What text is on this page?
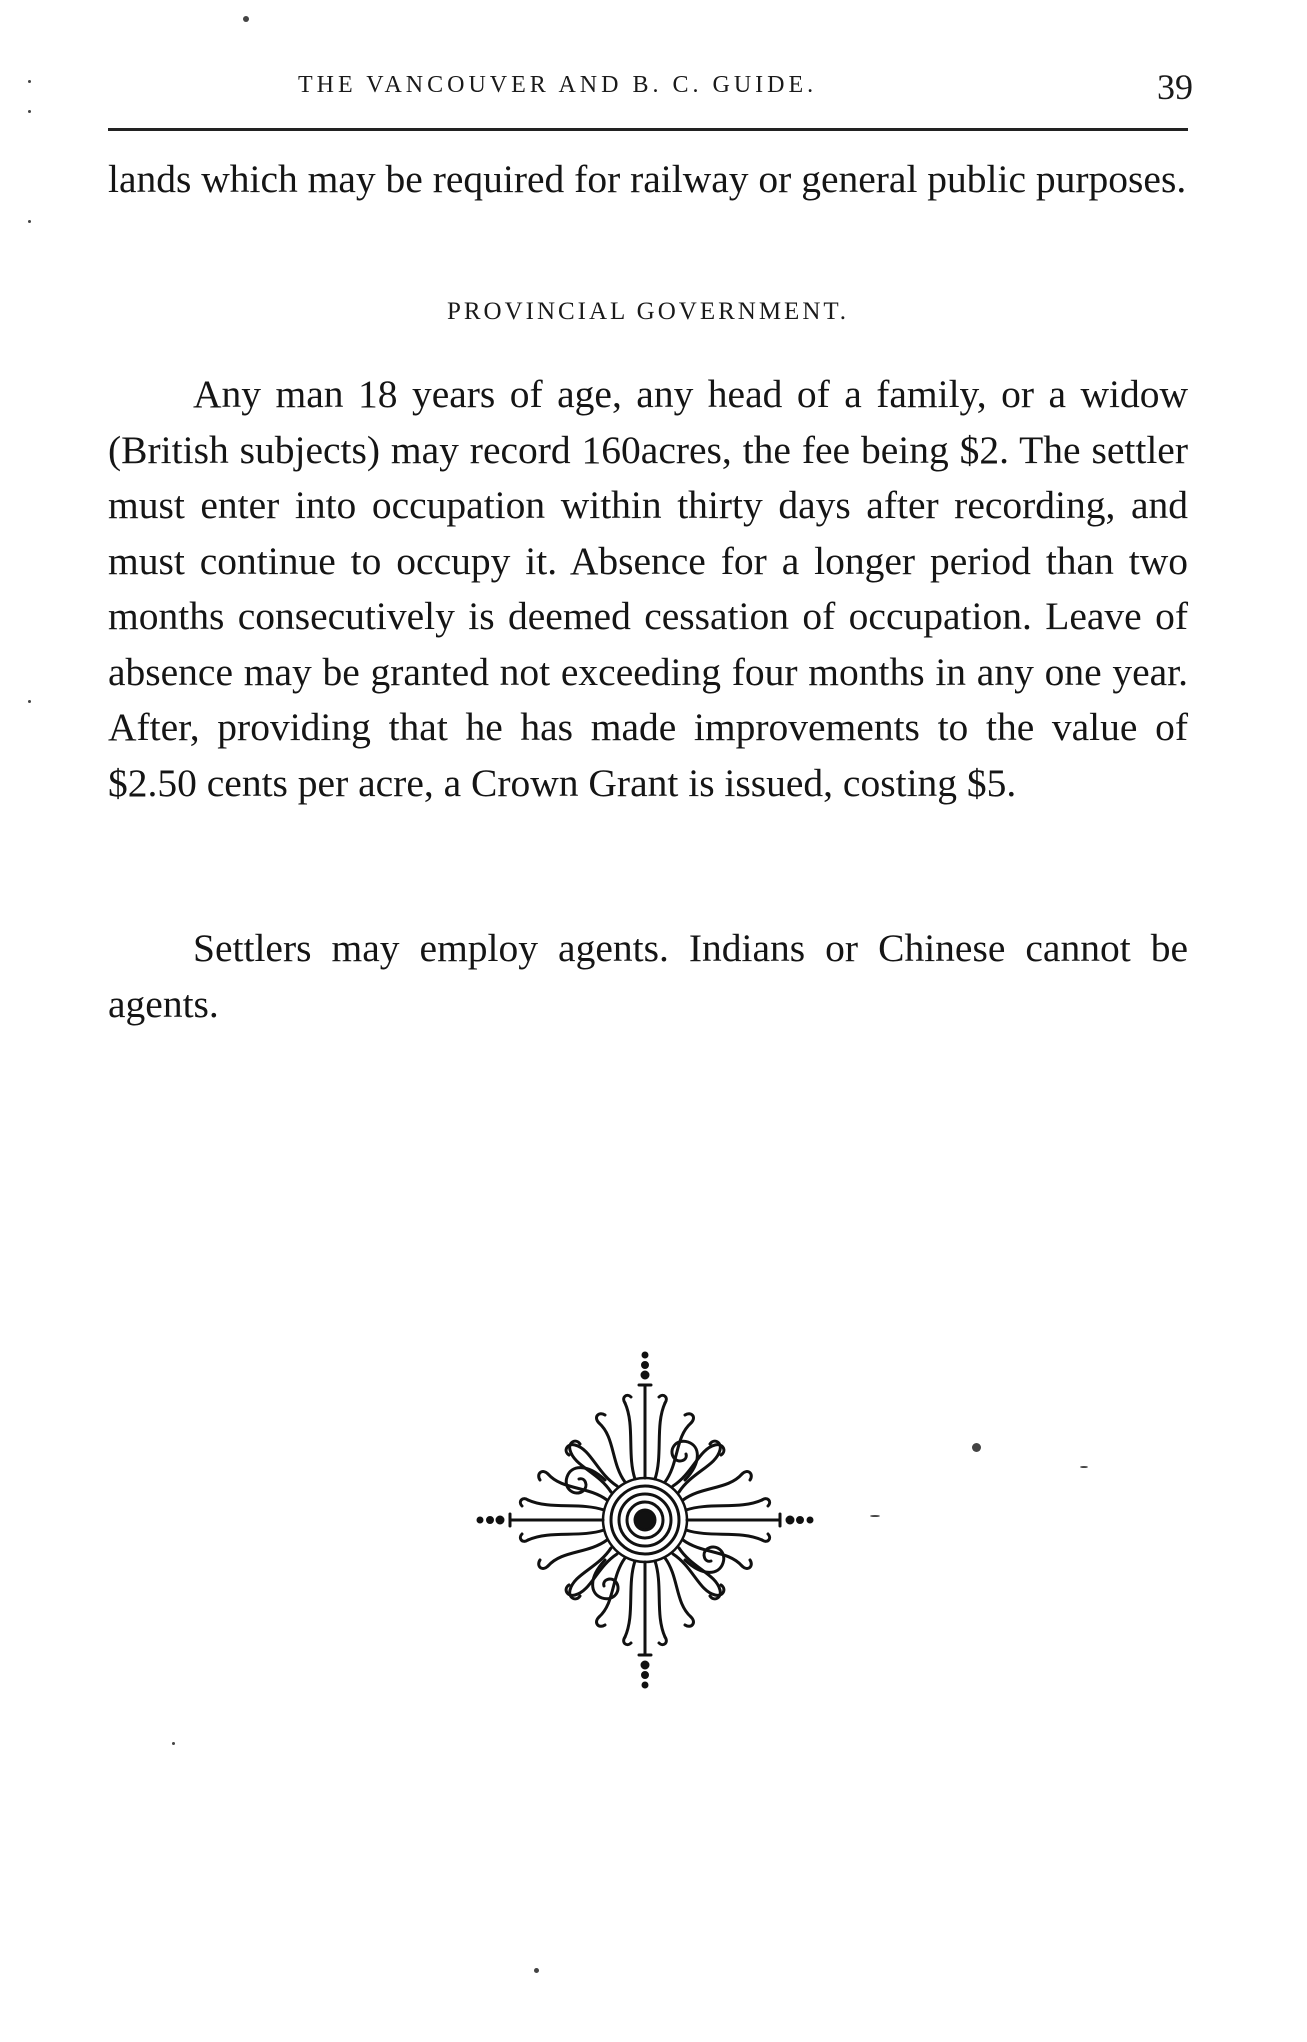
THE VANCOUVER AND B. C. GUIDE.	39

lands which may be required for railway or general public purposes.

PROVINCIAL GOVERNMENT.

Any man 18 years of age, any head of a family, or a widow (British subjects) may record 160acres, the fee being $2. The settler must enter into occupation within thirty days after recording, and must continue to occupy it. Absence for a longer period than two months consecutively is deemed cessation of occupation. Leave of absence may be granted not exceeding four months in any one year. After, providing that he has made improvements to the value of $2.50 cents per acre, a Crown Grant is issued, costing $5.

Settlers may employ agents. Indians or Chinese cannot be agents.
